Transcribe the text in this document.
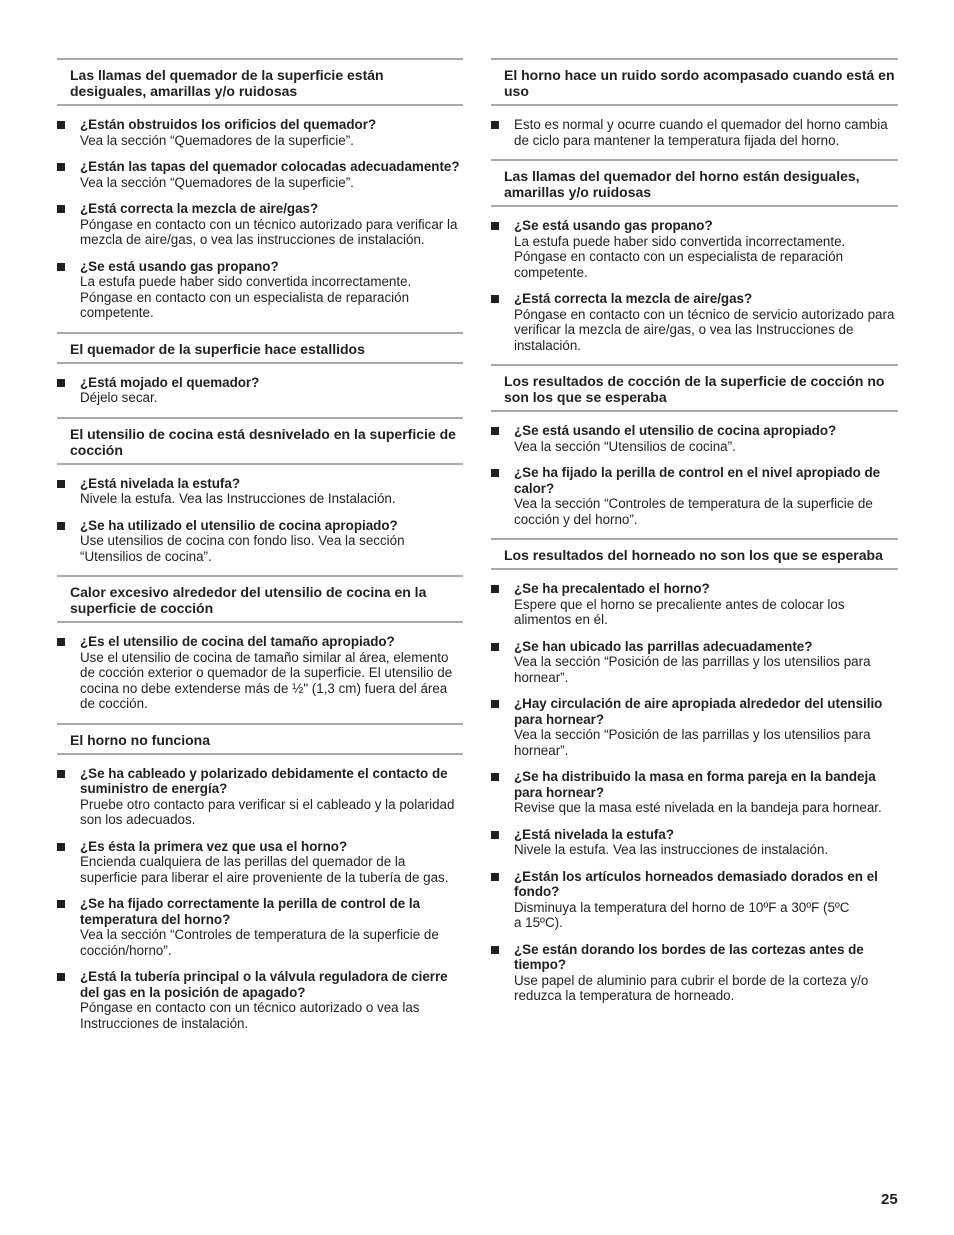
Las llamas del quemador de la superficie están desiguales, amarillas y/o ruidosas
¿Están obstruidos los orificios del quemador?
Vea la sección “Quemadores de la superficie”.
¿Están las tapas del quemador colocadas adecuadamente?
Vea la sección “Quemadores de la superficie”.
¿Está correcta la mezcla de aire/gas?
Póngase en contacto con un técnico autorizado para verificar la mezcla de aire/gas, o vea las instrucciones de instalación.
¿Se está usando gas propano?
La estufa puede haber sido convertida incorrectamente. Póngase en contacto con un especialista de reparación competente.
El quemador de la superficie hace estallidos
¿Está mojado el quemador?
Déjelo secar.
El utensilio de cocina está desnivelado en la superficie de cocción
¿Está nivelada la estufa?
Nivele la estufa. Vea las Instrucciones de Instalación.
¿Se ha utilizado el utensilio de cocina apropiado?
Use utensilios de cocina con fondo liso. Vea la sección “Utensilios de cocina”.
Calor excesivo alrededor del utensilio de cocina en la superficie de cocción
¿Es el utensilio de cocina del tamaño apropiado?
Use el utensilio de cocina de tamaño similar al área, elemento de cocción exterior o quemador de la superficie. El utensilio de cocina no debe extenderse más de ½" (1,3 cm) fuera del área de cocción.
El horno no funciona
¿Se ha cableado y polarizado debidamente el contacto de suministro de energía?
Pruebe otro contacto para verificar si el cableado y la polaridad son los adecuados.
¿Es ésta la primera vez que usa el horno?
Encienda cualquiera de las perillas del quemador de la superficie para liberar el aire proveniente de la tubería de gas.
¿Se ha fijado correctamente la perilla de control de la temperatura del horno?
Vea la sección “Controles de temperatura de la superficie de cocción/horno”.
¿Está la tubería principal o la válvula reguladora de cierre del gas en la posición de apagado?
Póngase en contacto con un técnico autorizado o vea las Instrucciones de instalación.
El horno hace un ruido sordo acompasado cuando está en uso
Esto es normal y ocurre cuando el quemador del horno cambia de ciclo para mantener la temperatura fijada del horno.
Las llamas del quemador del horno están desiguales, amarillas y/o ruidosas
¿Se está usando gas propano?
La estufa puede haber sido convertida incorrectamente. Póngase en contacto con un especialista de reparación competente.
¿Está correcta la mezcla de aire/gas?
Póngase en contacto con un técnico de servicio autorizado para verificar la mezcla de aire/gas, o vea las Instrucciones de instalación.
Los resultados de cocción de la superficie de cocción no son los que se esperaba
¿Se está usando el utensilio de cocina apropiado?
Vea la sección “Utensilios de cocina”.
¿Se ha fijado la perilla de control en el nivel apropiado de calor?
Vea la sección “Controles de temperatura de la superficie de cocción y del horno”.
Los resultados del horneado no son los que se esperaba
¿Se ha precalentado el horno?
Espere que el horno se precaliente antes de colocar los alimentos en él.
¿Se han ubicado las parrillas adecuadamente?
Vea la sección “Posición de las parrillas y los utensilios para hornear”.
¿Hay circulación de aire apropiada alrededor del utensilio para hornear?
Vea la sección “Posición de las parrillas y los utensilios para hornear”.
¿Se ha distribuido la masa en forma pareja en la bandeja para hornear?
Revise que la masa esté nivelada en la bandeja para hornear.
¿Está nivelada la estufa?
Nivele la estufa. Vea las instrucciones de instalación.
¿Están los artículos horneados demasiado dorados en el fondo?
Disminuya la temperatura del horno de 10ºF a 30ºF (5ºC
a 15ºC).
¿Se están dorando los bordes de las cortezas antes de tiempo?
Use papel de aluminio para cubrir el borde de la corteza y/o reduzca la temperatura de horneado.
25
